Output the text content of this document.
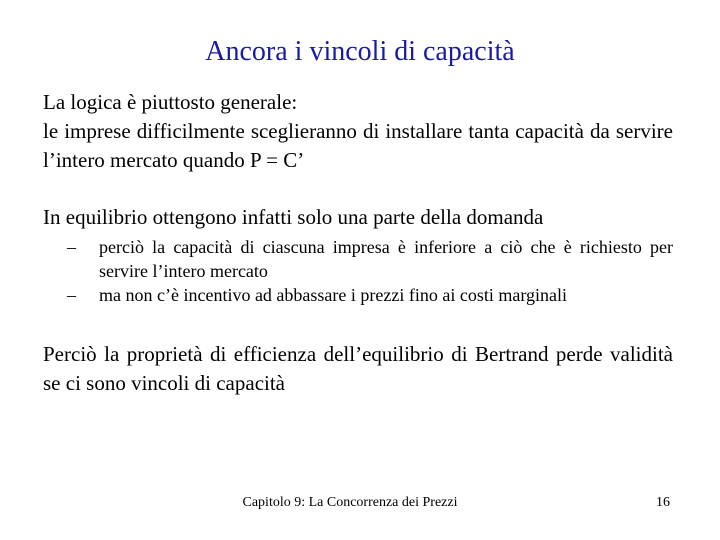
Ancora i vincoli di capacità

La logica è piuttosto generale:

le imprese difficilmente sceglieranno di installare tanta capacità da servire l’intero mercato quando P = C’

In equilibrio ottengono infatti solo una parte della domanda

– perciò la capacità di ciascuna impresa è inferiore a ciò che è richiesto per servire l’intero mercato
– ma non c’è incentivo ad abbassare i prezzi fino ai costi marginali

Perciò la proprietà di efficienza dell’equilibrio di Bertrand perde validità se ci sono vincoli di capacità

Capitolo 9: La Concorrenza dei Prezzi	16
